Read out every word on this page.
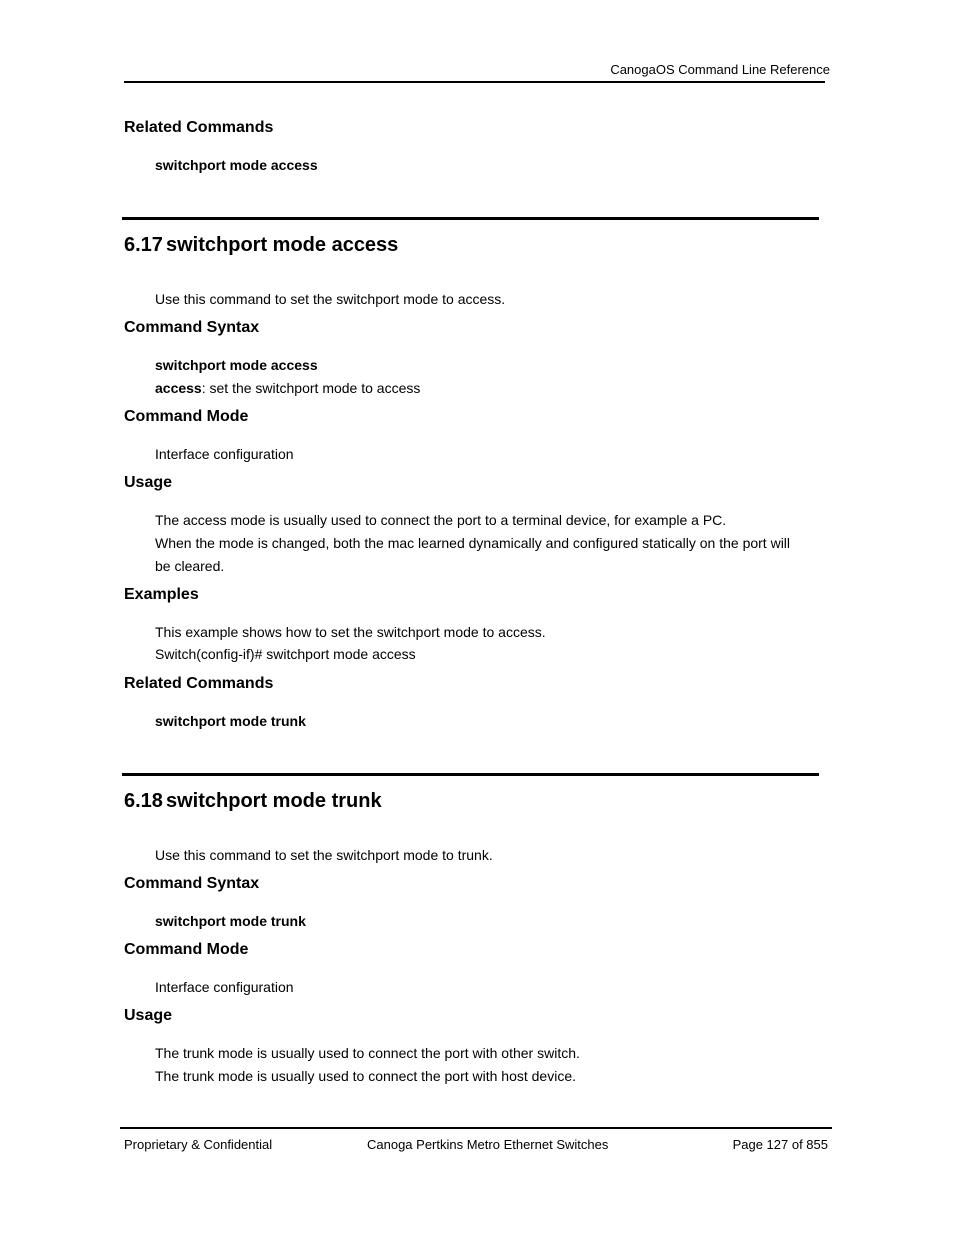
CanogaOS Command Line Reference
Related Commands
switchport mode access
6.17 switchport mode access
Use this command to set the switchport mode to access.
Command Syntax
switchport mode access
access: set the switchport mode to access
Command Mode
Interface configuration
Usage
The access mode is usually used to connect the port to a terminal device, for example a PC.
When the mode is changed, both the mac learned dynamically and configured statically on the port will
be cleared.
Examples
This example shows how to set the switchport mode to access.
Switch(config-if)# switchport mode access
Related Commands
switchport mode trunk
6.18 switchport mode trunk
Use this command to set the switchport mode to trunk.
Command Syntax
switchport mode trunk
Command Mode
Interface configuration
Usage
The trunk mode is usually used to connect the port with other switch.
The trunk mode is usually used to connect the port with host device.
Proprietary & Confidential	Canoga Pertkins Metro Ethernet Switches	Page 127 of 855
